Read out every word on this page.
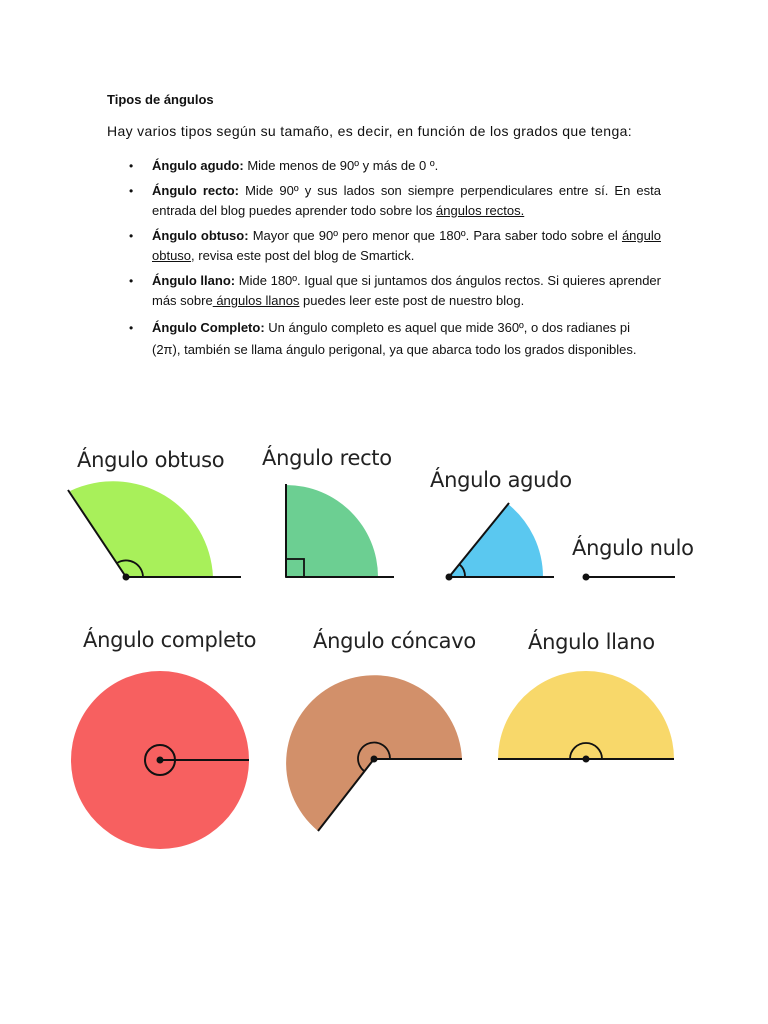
Tipos de ángulos
Hay varios tipos según su tamaño, es decir, en función de los grados que tenga:
• Ángulo agudo: Mide menos de 90º y más de 0 º.
• Ángulo recto: Mide 90º y sus lados son siempre perpendiculares entre sí. En esta entrada del blog puedes aprender todo sobre los ángulos rectos.
• Ángulo obtuso: Mayor que 90º pero menor que 180º. Para saber todo sobre el ángulo obtuso, revisa este post del blog de Smartick.
• Ángulo llano: Mide 180º. Igual que si juntamos dos ángulos rectos. Si quieres aprender más sobre ángulos llanos puedes leer este post de nuestro blog.
• Ángulo Completo: Un ángulo completo es aquel que mide 360º, o dos radianes pi (2π), también se llama ángulo perigonal, ya que abarca todo los grados disponibles.
Ángulo obtuso Ángulo recto
Ángulo agudo
Ángulo nulo
Ángulo completo	Ángulo cóncavo Ángulo llano
